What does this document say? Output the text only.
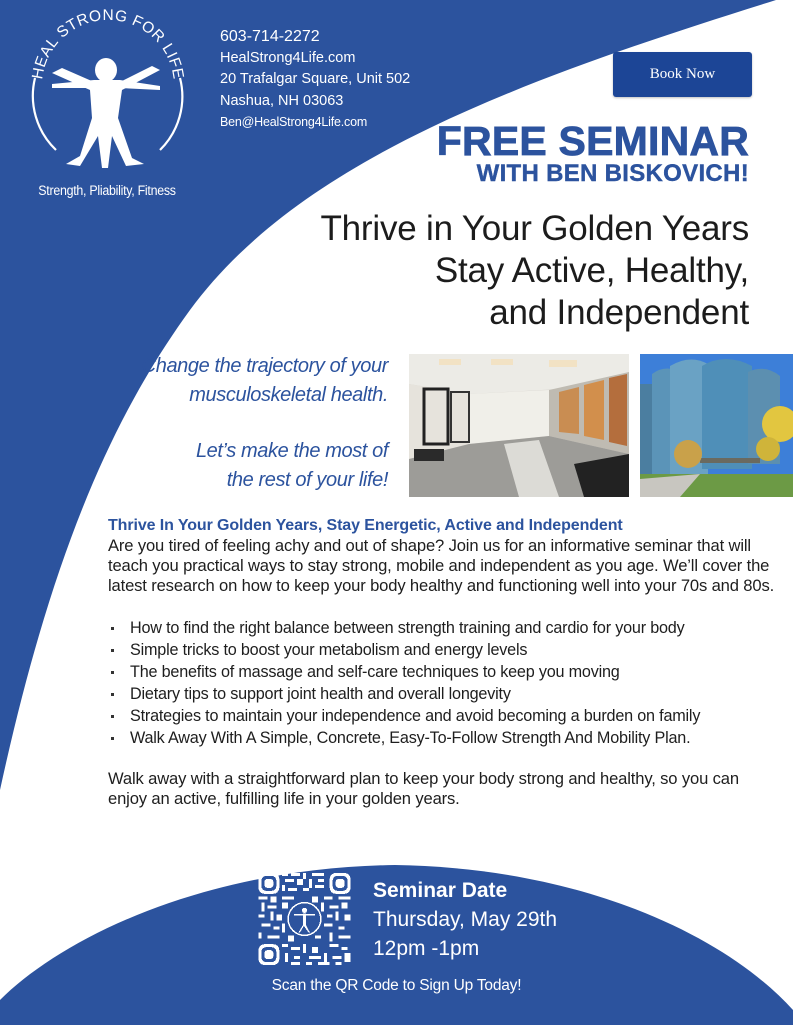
HEAL STRONG FOR LIFE
Strength, Pliability, Fitness
603-714-2272
HealStrong4Life.com
20 Trafalgar Square, Unit 502
Nashua, NH 03063
Ben@HealStrong4Life.com
Book Now
FREE SEMINAR
WITH BEN BISKOVICH!
Thrive in Your Golden Years
Stay Active, Healthy,
and Independent
Change the trajectory of your
musculoskeletal health.
Let’s make the most of
the rest of your life!
Thrive In Your Golden Years, Stay Energetic, Active and Independent

Are you tired of feeling achy and out of shape? Join us for an informative seminar that will teach you practical ways to stay strong, mobile and independent as you age. We’ll cover the latest research on how to keep your body healthy and functioning well into your 70s and 80s.

How to find the right balance between strength training and cardio for your body
Simple tricks to boost your metabolism and energy levels
The benefits of massage and self-care techniques to keep you moving
Dietary tips to support joint health and overall longevity
Strategies to maintain your independence and avoid becoming a burden on family
Walk Away With A Simple, Concrete, Easy-To-Follow Strength And Mobility Plan.

Walk away with a straightforward plan to keep your body strong and healthy, so you can enjoy an active, fulfilling life in your golden years.

Seminar Date
Thursday, May 29th
12pm -1pm
Scan the QR Code to Sign Up Today!
